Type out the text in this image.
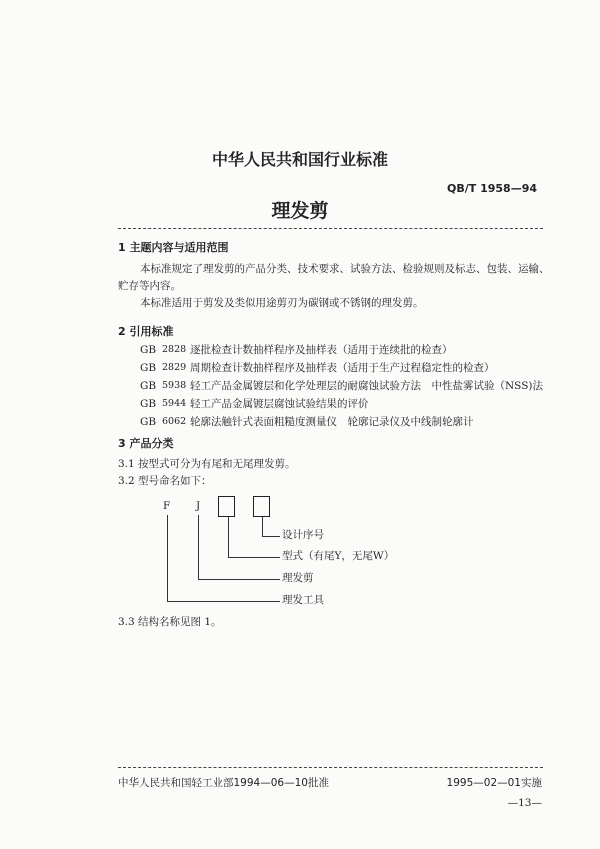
中华人民共和国行业标准
QB/T 1958—94
理发剪
1 主题内容与适用范围
本标准规定了理发剪的产品分类、技术要求、试验方法、检验规则及标志、包装、运输、
贮存等内容。
本标准适用于剪发及类似用途剪刃为碳钢或不锈钢的理发剪。
2 引用标准
GB 2828 逐批检查计数抽样程序及抽样表（适用于连续批的检查）
GB 2829 周期检查计数抽样程序及抽样表（适用于生产过程稳定性的检查）
GB 5938 轻工产品金属镀层和化学处理层的耐腐蚀试验方法　中性盐雾试验（NSS)法
GB 5944 轻工产品金属镀层腐蚀试验结果的评价
GB 6062 轮廓法触针式表面粗糙度测量仪　轮廓记录仪及中线制轮廓计
3 产品分类
3.1 按型式可分为有尾和无尾理发剪。
3.2 型号命名如下：
F J
设计序号
型式（有尾Y，无尾W）
理发剪
理发工具
3.3 结构名称见图 1。
中华人民共和国轻工业部1994—06—10批准	1995—02—01实施
—13—
